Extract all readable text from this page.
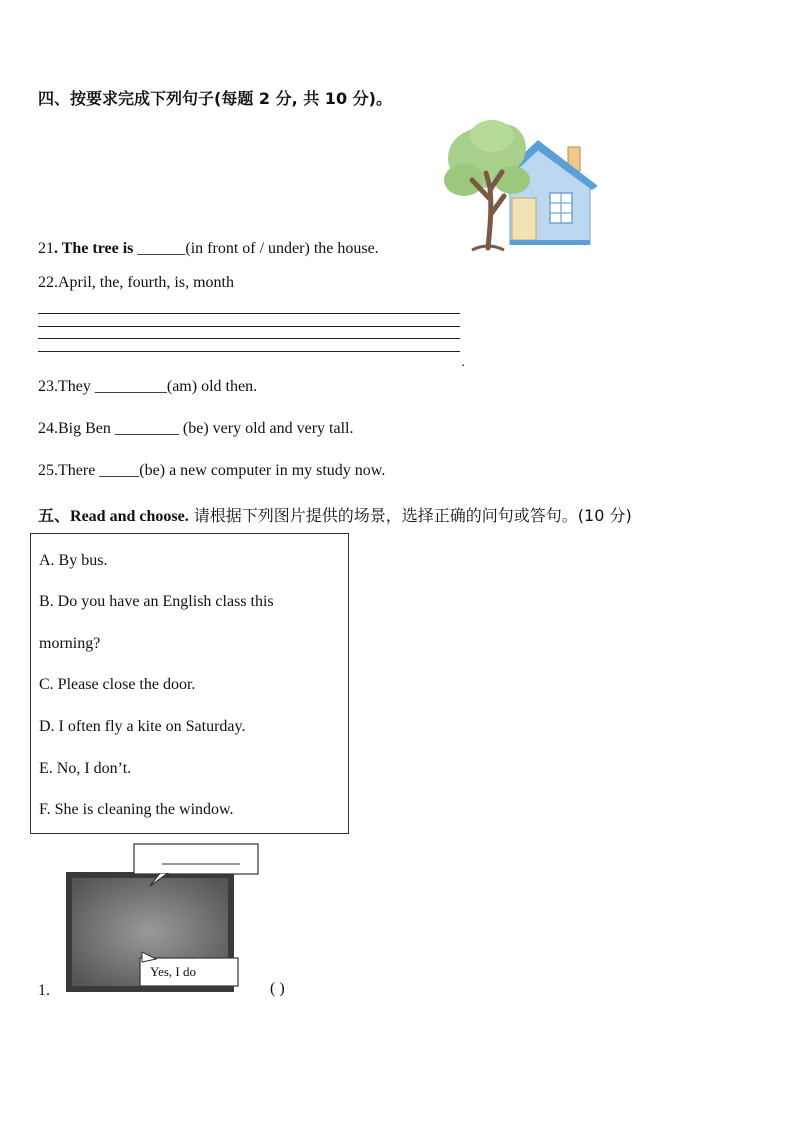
四、按要求完成下列句子(每题 2 分, 共 10 分)。
21. The tree is ______(in front of / under) the house.
22.April, the, fourth, is, month
.
23.They _________(am) old then.
24.Big Ben ________ (be) very old and very tall.
25.There _____(be) a new computer in my study now.
五、Read and choose. 请根据下列图片提供的场景，选择正确的问句或答句。(10 分)
A. By bus.
B. Do you have an English class this
morning?
C. Please close the door.
D. I often fly a kite on Saturday.
E. No, I don’t.
F. She is cleaning the window.
1.
Yes, I do
( )
